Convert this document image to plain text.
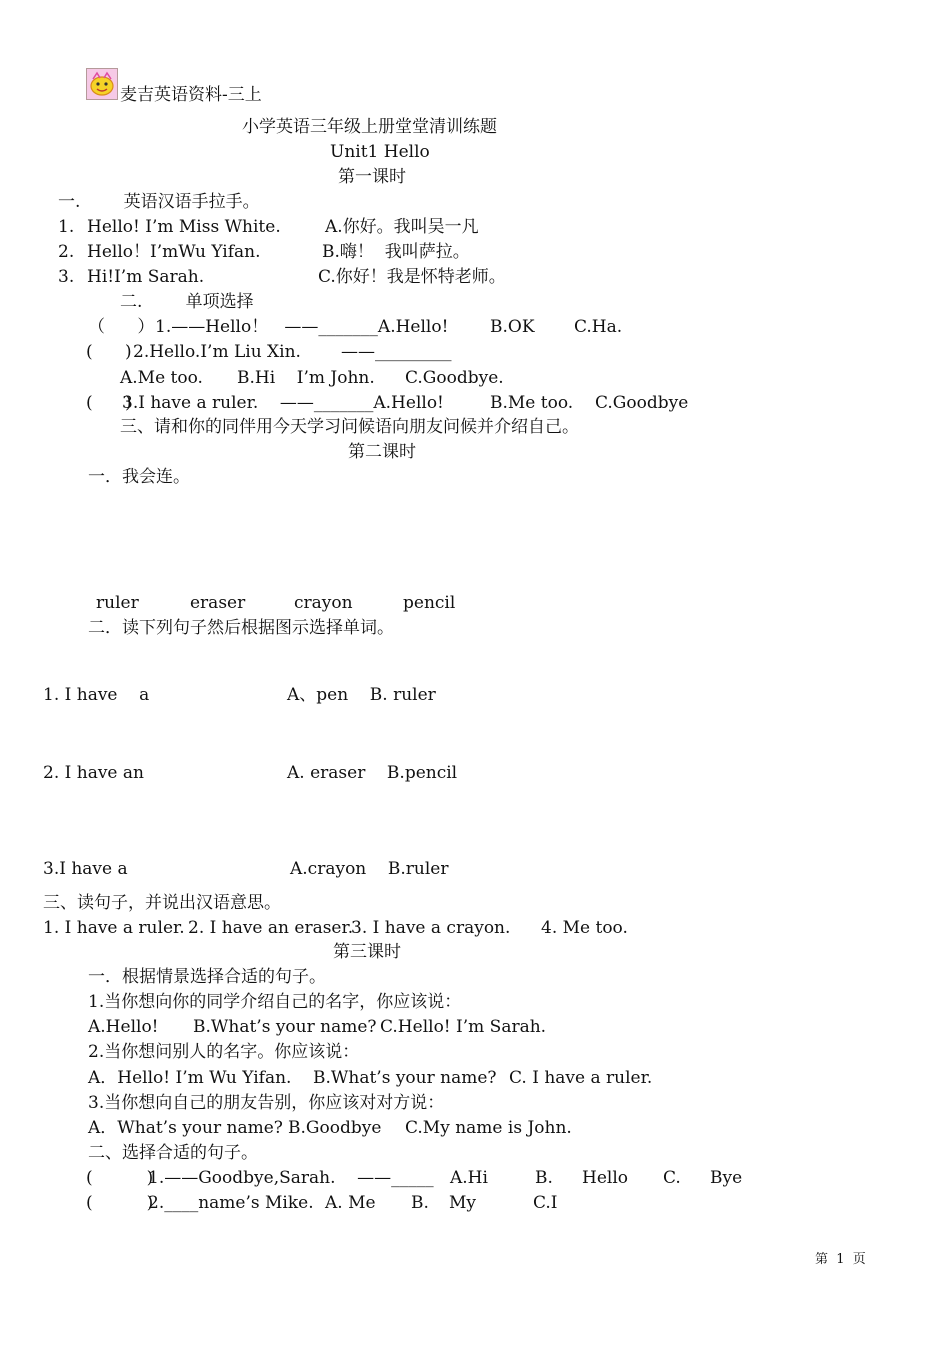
麦吉英语资料-三上
小学英语三年级上册堂堂清训练题
Unit1 Hello
第一课时
一.        英语汉语手拉手。
1. Hello! I’m Miss White.	A.你好。我叫吴一凡
2. Hello！I’mWu Yifan.	B.嗨！  我叫萨拉。
3. Hi!I’m Sarah.	C.你好！我是怀特老师。
二.        单项选择
（      ） 1.——Hello！   ——_______A.Hello! B.OK C.Ha.
(      ) 2.Hello.I’m Liu Xin. ——_________
A.Me too. B.Hi    I’m John. C.Goodbye.
(      )
3.I have a ruler.    ——_______A.Hello!	B.Me too. C.Goodbye
三、请和你的同伴用今天学习问候语向朋友问候并介绍自己。
第二课时
一．我会连。
ruler	eraser	crayon	pencil
二．读下列句子然后根据图示选择单词。
1. I have    a	A、pen    B. ruler
2. I have an	A. eraser    B.pencil
3.I have a	A.crayon    B.ruler
三、读句子，并说出汉语意思。
1. I have a ruler. 2. I have an eraser.
3. I have a crayon. 4. Me too.
第三课时
一．根据情景选择合适的句子。
1.当你想向你的同学介绍自己的名字，你应该说：
A.Hello! B.What’s your name? C.Hello! I’m Sarah.
2.当你想问别人的名字。你应该说：
A．Hello! I’m Wu Yifan. B.What’s your name? C. I have a ruler.
3.当你想向自己的朋友告别，你应该对对方说：
A．What’s your name? B.Goodbye C.My name is John.
二、选择合适的句子。
(          )
1.——Goodbye,Sarah.    ——_____ A.Hi	B. Hello C. Bye
(          )
2.____name’s Mike. A. Me B. My	C.I
第  1  页
